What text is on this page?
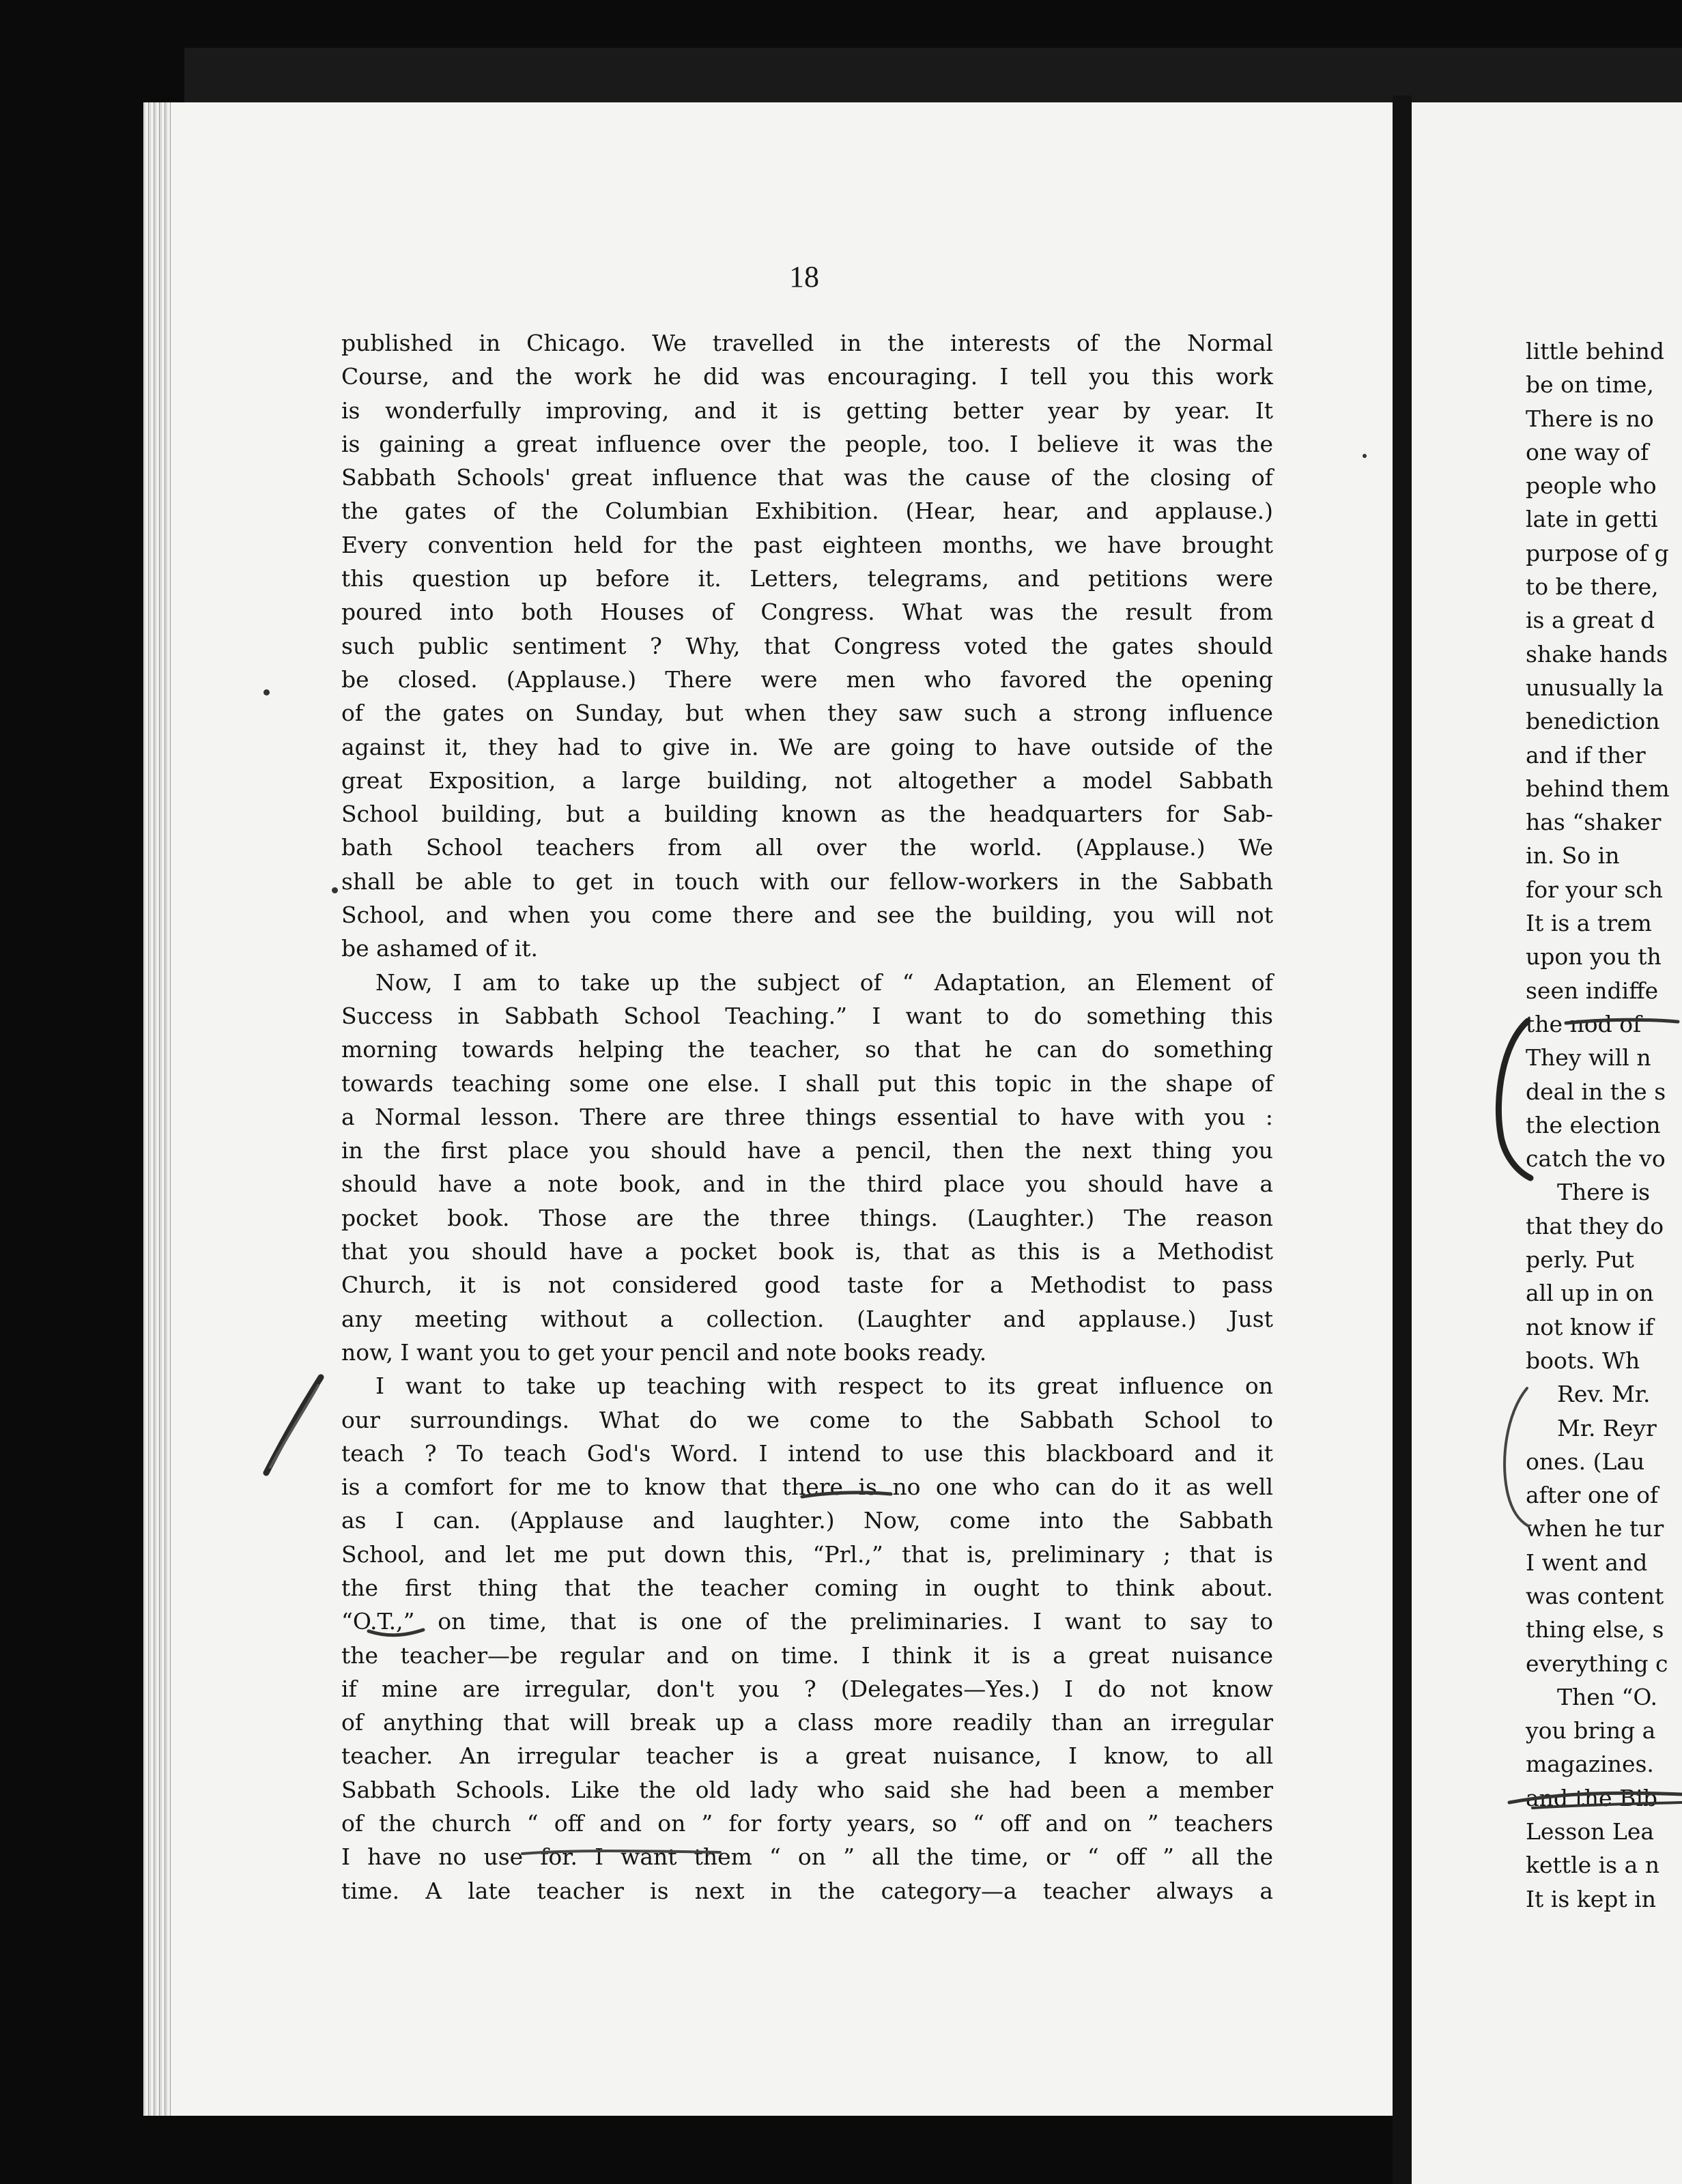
18
published in Chicago. We travelled in the interests of the Normal
Course, and the work he did was encouraging. I tell you this work
is wonderfully improving, and it is getting better year by year. It
is gaining a great influence over the people, too. I believe it was the
Sabbath Schools' great influence that was the cause of the closing of
the gates of the Columbian Exhibition. (Hear, hear, and applause.)
Every convention held for the past eighteen months, we have brought
this question up before it. Letters, telegrams, and petitions were
poured into both Houses of Congress. What was the result from
such public sentiment ? Why, that Congress voted the gates should
be closed. (Applause.) There were men who favored the opening
of the gates on Sunday, but when they saw such a strong influence
against it, they had to give in. We are going to have outside of the
great Exposition, a large building, not altogether a model Sabbath
School building, but a building known as the headquarters for Sab-
bath School teachers from all over the world. (Applause.) We
shall be able to get in touch with our fellow-workers in the Sabbath
School, and when you come there and see the building, you will not
be ashamed of it.
Now, I am to take up the subject of “ Adaptation, an Element of
Success in Sabbath School Teaching.” I want to do something this
morning towards helping the teacher, so that he can do something
towards teaching some one else. I shall put this topic in the shape of
a Normal lesson. There are three things essential to have with you :
in the first place you should have a pencil, then the next thing you
should have a note book, and in the third place you should have a
pocket book. Those are the three things. (Laughter.) The reason
that you should have a pocket book is, that as this is a Methodist
Church, it is not considered good taste for a Methodist to pass
any meeting without a collection. (Laughter and applause.) Just
now, I want you to get your pencil and note books ready.
I want to take up teaching with respect to its great influence on
our surroundings. What do we come to the Sabbath School to
teach ? To teach God's Word. I intend to use this blackboard and it
is a comfort for me to know that there is no one who can do it as well
as I can. (Applause and laughter.) Now, come into the Sabbath
School, and let me put down this, “Prl.,” that is, preliminary ; that is
the first thing that the teacher coming in ought to think about.
“O.T.,” on time, that is one of the preliminaries. I want to say to
the teacher—be regular and on time. I think it is a great nuisance
if mine are irregular, don't you ? (Delegates—Yes.) I do not know
of anything that will break up a class more readily than an irregular
teacher. An irregular teacher is a great nuisance, I know, to all
Sabbath Schools. Like the old lady who said she had been a member
of the church “ off and on ” for forty years, so “ off and on ” teachers
I have no use for. I want them “ on ” all the time, or “ off ” all the
time. A late teacher is next in the category—a teacher always a
little behind
be on time,
There is no
one way of
people who
late in getti
purpose of g
to be there,
is a great d
shake hands
unusually la
benediction
and if ther
behind them
has “shaker
in. So in
for your sch
It is a trem
upon you th
seen indiffe
the nod of
They will n
deal in the s
the election
catch the vo
There is
that they do
perly. Put
all up in on
not know if
boots. Wh
Rev. Mr.
Mr. Reyr
ones. (Lau
after one of
when he tur
I went and
was content
thing else, s
everything c
Then “O.
you bring a
magazines.
and the Bib
Lesson Lea
kettle is a n
It is kept in
